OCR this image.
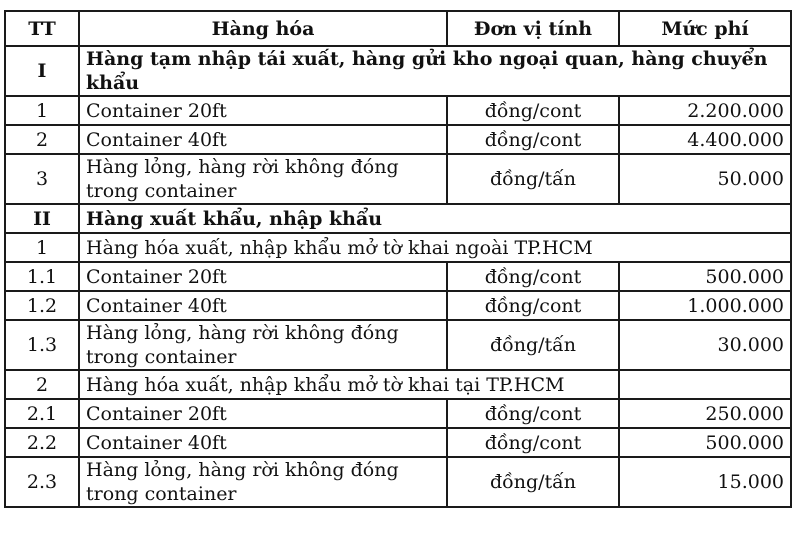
TT	Hàng hóa	Đơn vị tính	Mức phí
I	Hàng tạm nhập tái xuất, hàng gửi kho ngoại quan, hàng chuyển khẩu		
1	Container 20ft	đồng/cont	2.200.000
2	Container 40ft	đồng/cont	4.400.000
3	Hàng lỏng, hàng rời không đóng trong container	đồng/tấn	50.000
II	Hàng xuất khẩu, nhập khẩu		
1	Hàng hóa xuất, nhập khẩu mở tờ khai ngoài TP.HCM		
1.1	Container 20ft	đồng/cont	500.000
1.2	Container 40ft	đồng/cont	1.000.000
1.3	Hàng lỏng, hàng rời không đóng trong container	đồng/tấn	30.000
2	Hàng hóa xuất, nhập khẩu mở tờ khai tại TP.HCM		
2.1	Container 20ft	đồng/cont	250.000
2.2	Container 40ft	đồng/cont	500.000
2.3	Hàng lỏng, hàng rời không đóng trong container	đồng/tấn	15.000
